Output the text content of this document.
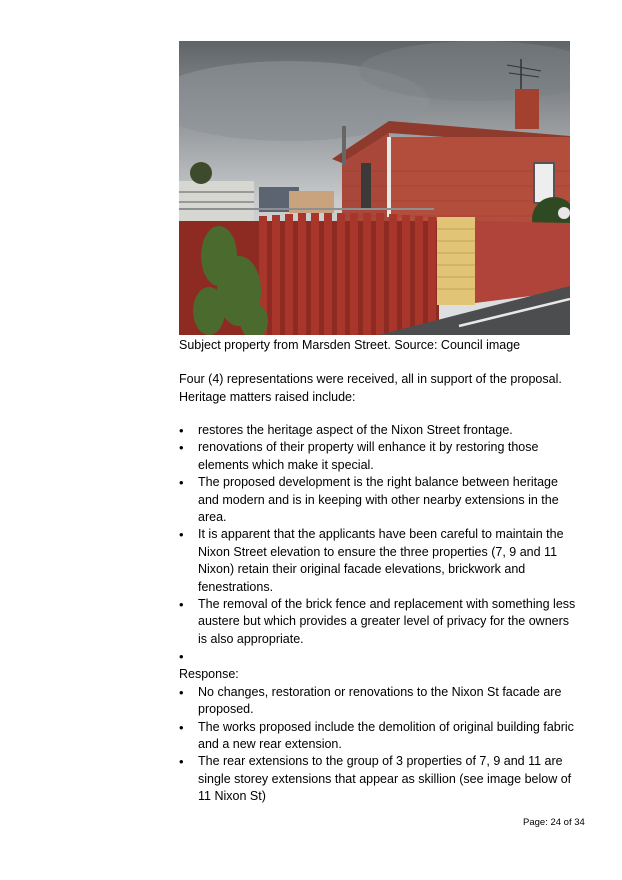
Subject property from Marsden Street. Source: Council image
Four (4) representations were received, all in support of the proposal. Heritage matters raised include:
• restores the heritage aspect of the Nixon Street frontage.
• renovations of their property will enhance it by restoring those elements which make it special.
• The proposed development is the right balance between heritage and modern and is in keeping with other nearby extensions in the area.
• It is apparent that the applicants have been careful to maintain the Nixon Street elevation to ensure the three properties (7, 9 and 11 Nixon) retain their original facade elevations, brickwork and fenestrations.
• The removal of the brick fence and replacement with something less austere but which provides a greater level of privacy for the owners is also appropriate.
•
Response:
• No changes, restoration or renovations to the Nixon St facade are proposed.
• The works proposed include the demolition of original building fabric and a new rear extension.
• The rear extensions to the group of 3 properties of 7, 9 and 11 are single storey extensions that appear as skillion (see image below of 11 Nixon St)
Page: 24 of 34
